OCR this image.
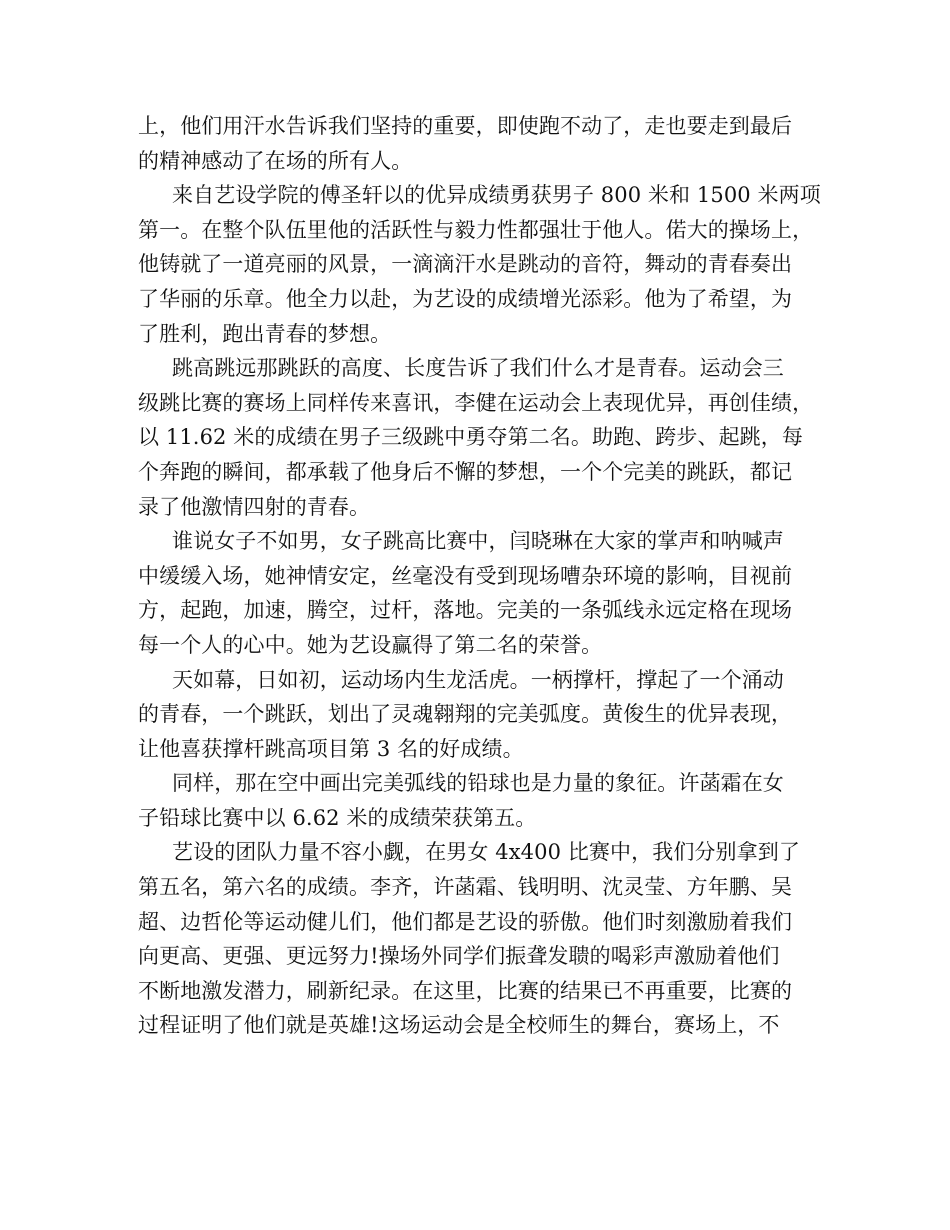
上，他们用汗水告诉我们坚持的重要，即使跑不动了，走也要走到最后
的精神感动了在场的所有人。
来自艺设学院的傅圣轩以的优异成绩勇获男子 800 米和 1500 米两项
第一。在整个队伍里他的活跃性与毅力性都强壮于他人。偌大的操场上，
他铸就了一道亮丽的风景，一滴滴汗水是跳动的音符，舞动的青春奏出
了华丽的乐章。他全力以赴，为艺设的成绩增光添彩。他为了希望，为
了胜利，跑出青春的梦想。
跳高跳远那跳跃的高度、长度告诉了我们什么才是青春。运动会三
级跳比赛的赛场上同样传来喜讯，李健在运动会上表现优异，再创佳绩，
以 11.62 米的成绩在男子三级跳中勇夺第二名。助跑、跨步、起跳，每
个奔跑的瞬间，都承载了他身后不懈的梦想，一个个完美的跳跃，都记
录了他激情四射的青春。
谁说女子不如男，女子跳高比赛中，闫晓琳在大家的掌声和呐喊声
中缓缓入场，她神情安定，丝毫没有受到现场嘈杂环境的影响，目视前
方，起跑，加速，腾空，过杆，落地。完美的一条弧线永远定格在现场
每一个人的心中。她为艺设赢得了第二名的荣誉。
天如幕，日如初，运动场内生龙活虎。一柄撑杆，撑起了一个涌动
的青春，一个跳跃，划出了灵魂翱翔的完美弧度。黄俊生的优异表现，
让他喜获撑杆跳高项目第 3 名的好成绩。
同样，那在空中画出完美弧线的铅球也是力量的象征。许菡霜在女
子铅球比赛中以 6.62 米的成绩荣获第五。
艺设的团队力量不容小觑，在男女 4x400 比赛中，我们分别拿到了
第五名，第六名的成绩。李齐，许菡霜、钱明明、沈灵莹、方年鹏、吴
超、边哲伦等运动健儿们，他们都是艺设的骄傲。他们时刻激励着我们
向更高、更强、更远努力!操场外同学们振聋发聩的喝彩声激励着他们
不断地激发潜力，刷新纪录。在这里，比赛的结果已不再重要，比赛的
过程证明了他们就是英雄!这场运动会是全校师生的舞台，赛场上，不
